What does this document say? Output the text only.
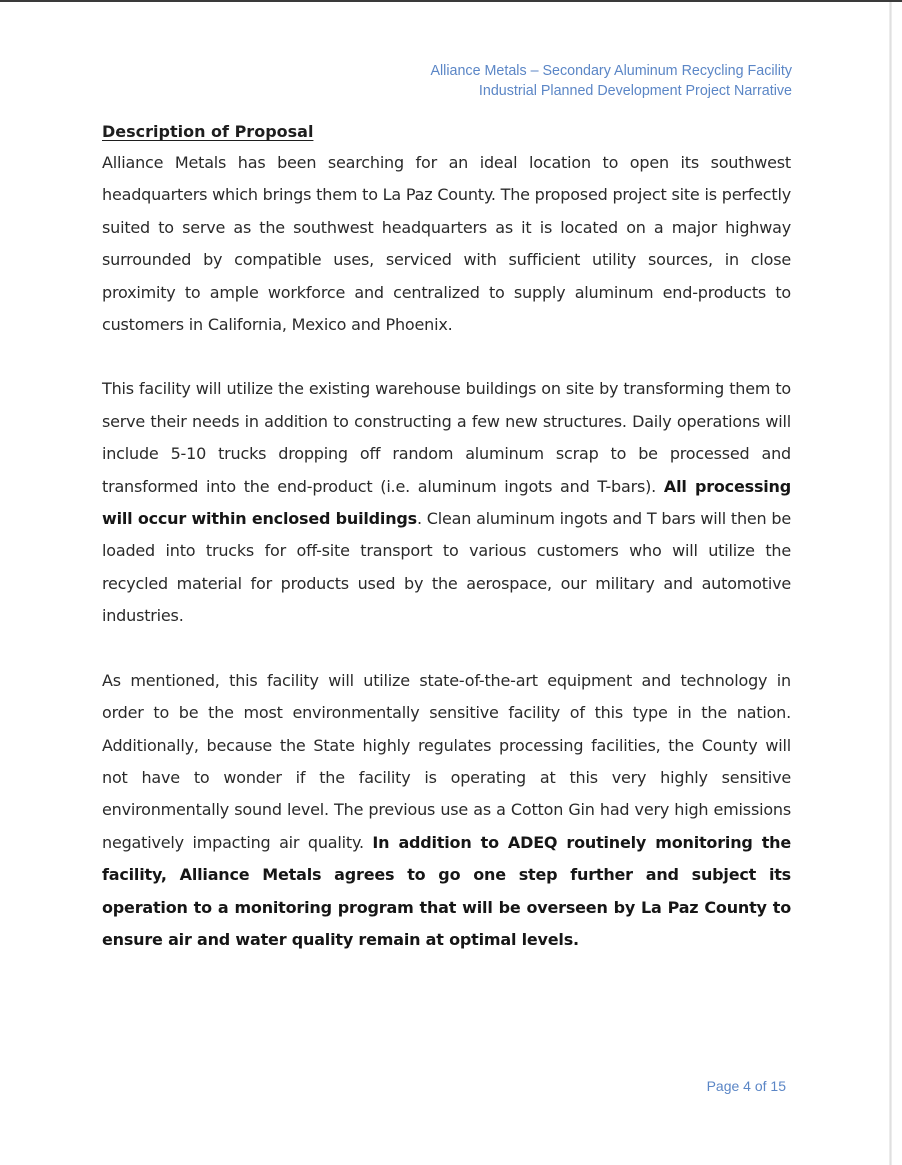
Alliance Metals – Secondary Aluminum Recycling Facility
Industrial Planned Development Project Narrative
Description of Proposal

Alliance Metals has been searching for an ideal location to open its southwest headquarters which brings them to La Paz County. The proposed project site is perfectly suited to serve as the southwest headquarters as it is located on a major highway surrounded by compatible uses, serviced with sufficient utility sources, in close proximity to ample workforce and centralized to supply aluminum end-products to customers in California, Mexico and Phoenix.

This facility will utilize the existing warehouse buildings on site by transforming them to serve their needs in addition to constructing a few new structures. Daily operations will include 5-10 trucks dropping off random aluminum scrap to be processed and transformed into the end-product (i.e. aluminum ingots and T-bars). All processing will occur within enclosed buildings. Clean aluminum ingots and T bars will then be loaded into trucks for off-site transport to various customers who will utilize the recycled material for products used by the aerospace, our military and automotive industries.

As mentioned, this facility will utilize state-of-the-art equipment and technology in order to be the most environmentally sensitive facility of this type in the nation. Additionally, because the State highly regulates processing facilities, the County will not have to wonder if the facility is operating at this very highly sensitive environmentally sound level. The previous use as a Cotton Gin had very high emissions negatively impacting air quality. In addition to ADEQ routinely monitoring the facility, Alliance Metals agrees to go one step further and subject its operation to a monitoring program that will be overseen by La Paz County to ensure air and water quality remain at optimal levels.

Page 4 of 15
